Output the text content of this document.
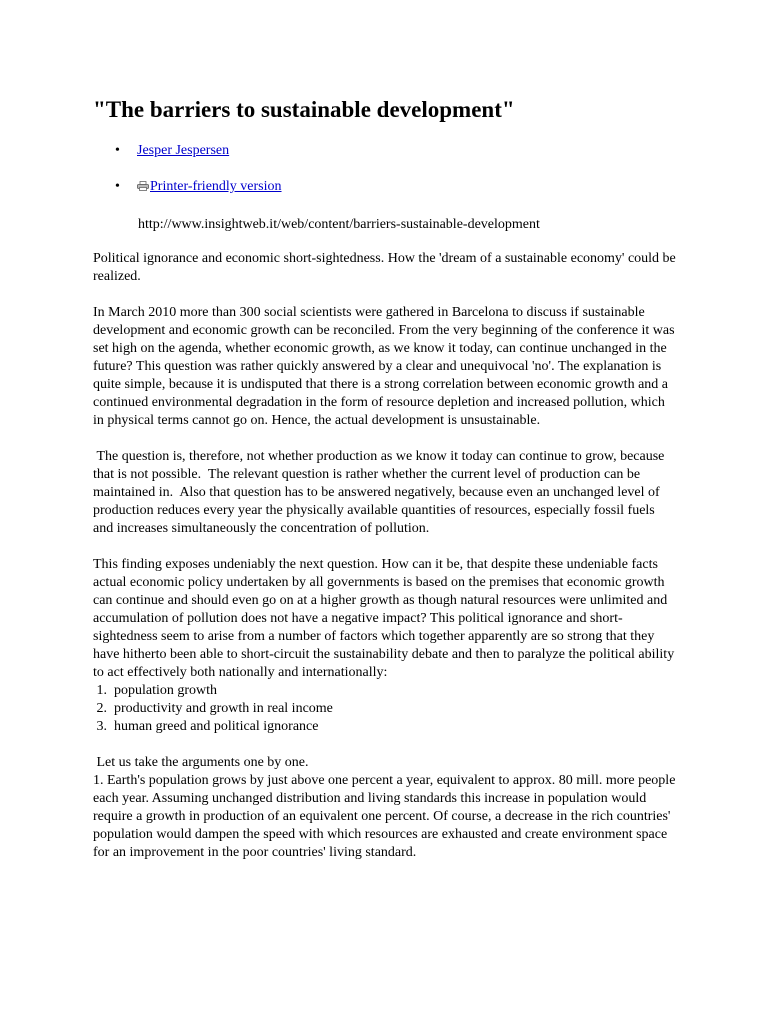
"The barriers to sustainable development"
• Jesper Jespersen
•	Printer-friendly version
http://www.insightweb.it/web/content/barriers-sustainable-development

Political ignorance and economic short-sightedness. How the 'dream of a sustainable economy' could be realized.

In March 2010 more than 300 social scientists were gathered in Barcelona to discuss if sustainable development and economic growth can be reconciled. From the very beginning of the conference it was set high on the agenda, whether economic growth, as we know it today, can continue unchanged in the future? This question was rather quickly answered by a clear and unequivocal 'no'. The explanation is quite simple, because it is undisputed that there is a strong correlation between economic growth and a continued environmental degradation in the form of resource depletion and increased pollution, which in physical terms cannot go on. Hence, the actual development is unsustainable.

The question is, therefore, not whether production as we know it today can continue to grow, because that is not possible.  The relevant question is rather whether the current level of production can be maintained in.  Also that question has to be answered negatively, because even an unchanged level of production reduces every year the physically available quantities of resources, especially fossil fuels and increases simultaneously the concentration of pollution.

This finding exposes undeniably the next question. How can it be, that despite these undeniable facts actual economic policy undertaken by all governments is based on the premises that economic growth can continue and should even go on at a higher growth as though natural resources were unlimited and accumulation of pollution does not have a negative impact? This political ignorance and short-sightedness seem to arise from a number of factors which together apparently are so strong that they have hitherto been able to short-circuit the sustainability debate and then to paralyze the political ability to act effectively both nationally and internationally:

1.  population growth
2.  productivity and growth in real income
3.  human greed and political ignorance
Let us take the arguments one by one.
1. Earth's population grows by just above one percent a year, equivalent to approx. 80 mill. more people each year. Assuming unchanged distribution and living standards this increase in population would require a growth in production of an equivalent one percent. Of course, a decrease in the rich countries' population would dampen the speed with which resources are exhausted and create environment space for an improvement in the poor countries' living standard.
